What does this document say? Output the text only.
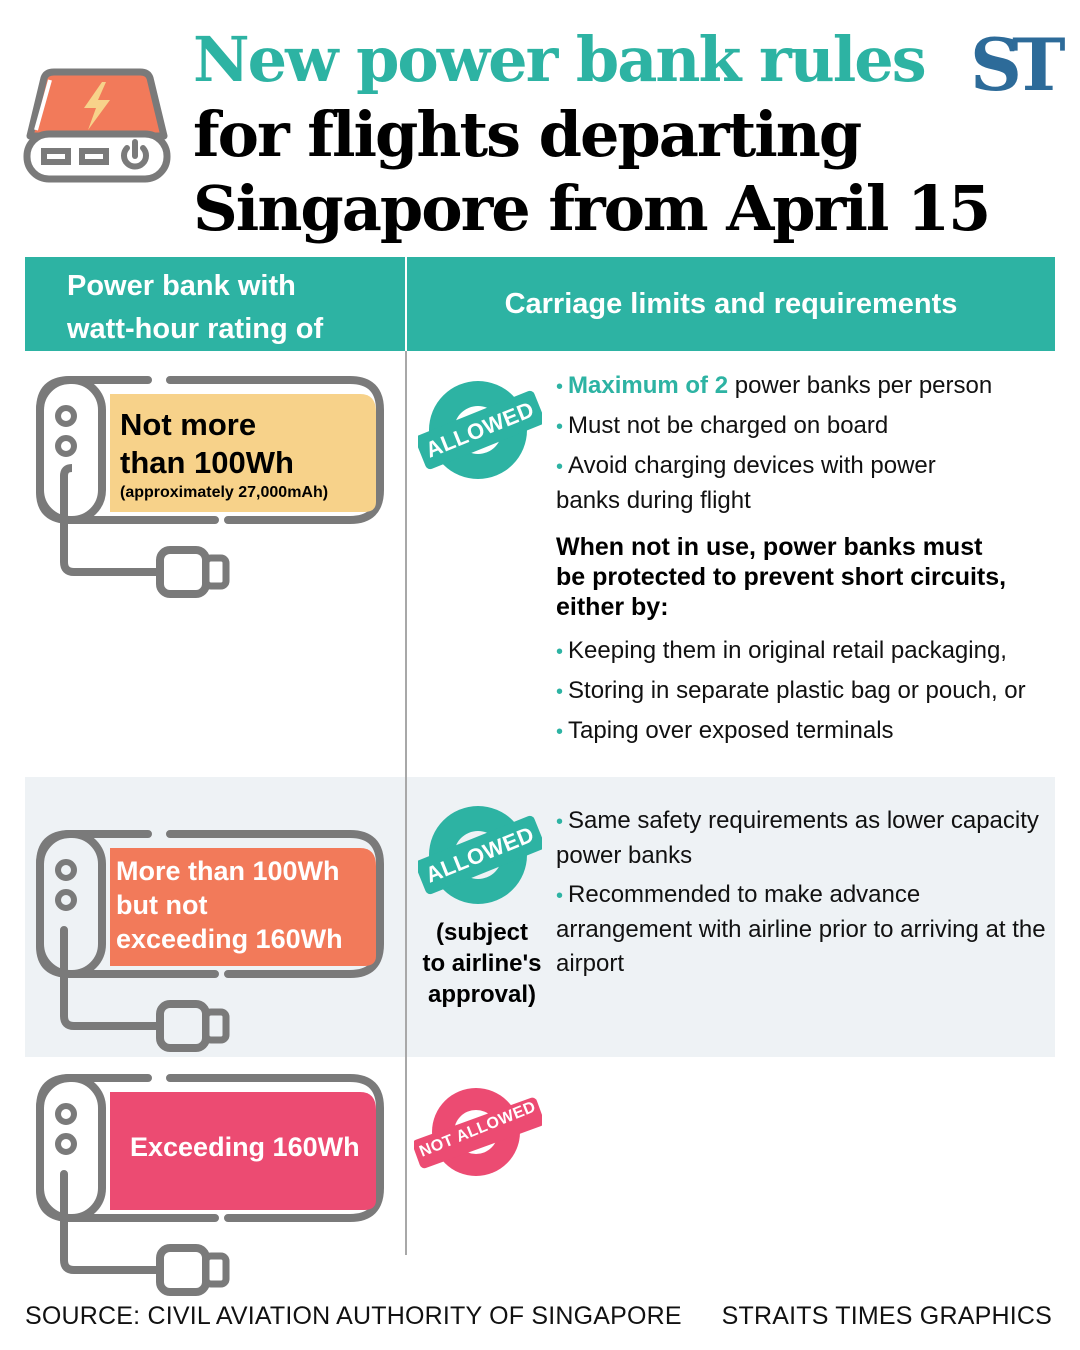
New power bank rules
for flights departing
Singapore from April 15
ST
Power bank with
watt-hour rating of
Carriage limits and requirements
Not more
than 100Wh
(approximately 27,000mAh)
More than 100Wh
but not
exceeding 160Wh
Exceeding 160Wh
ALLOWED
ALLOWED
(subject to airline's approval)
NOT ALLOWED
• Maximum of 2 power banks per person
• Must not be charged on board
• Avoid charging devices with power banks during flight
When not in use, power banks must be protected to prevent short circuits, either by:
• Keeping them in original retail packaging,
• Storing in separate plastic bag or pouch, or
• Taping over exposed terminals
• Same safety requirements as lower capacity power banks
• Recommended to make advance arrangement with airline prior to arriving at the airport
SOURCE: CIVIL AVIATION AUTHORITY OF SINGAPORE STRAITS TIMES GRAPHICS
